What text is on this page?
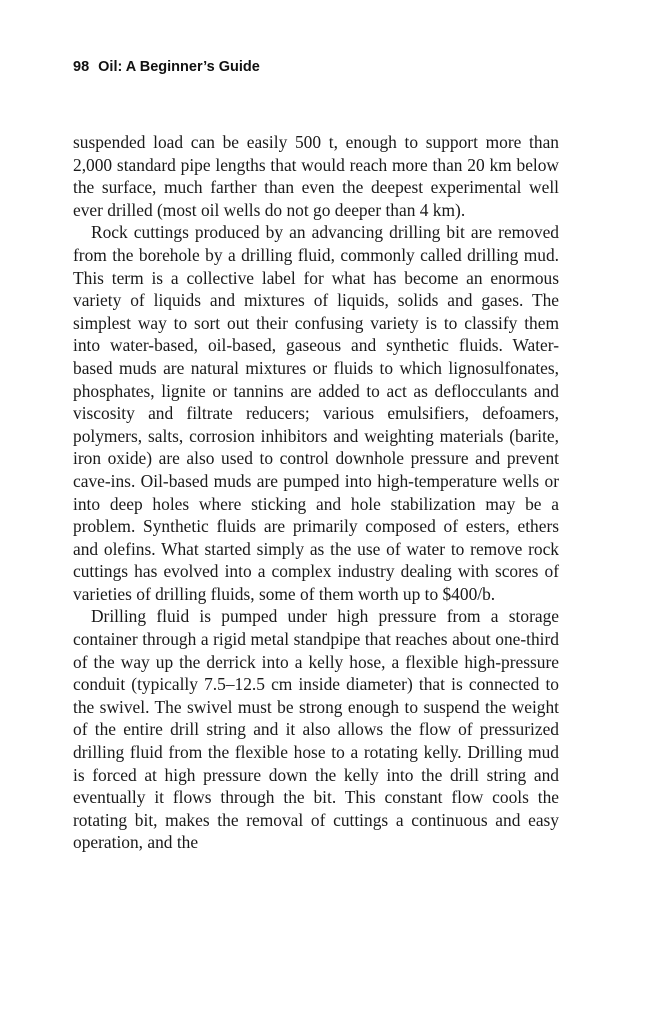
98 Oil: A Beginner’s Guide

suspended load can be easily 500 t, enough to support more than 2,000 standard pipe lengths that would reach more than 20 km below the surface, much farther than even the deepest experimental well ever drilled (most oil wells do not go deeper than 4 km).

Rock cuttings produced by an advancing drilling bit are removed from the borehole by a drilling fluid, commonly called drilling mud. This term is a collective label for what has become an enormous variety of liquids and mixtures of liquids, solids and gases. The simplest way to sort out their confusing variety is to classify them into water-based, oil-based, gaseous and synthetic fluids. Water-based muds are natural mixtures or fluids to which lignosulfonates, phosphates, lignite or tannins are added to act as deflocculants and viscosity and filtrate reducers; various emulsifiers, defoamers, polymers, salts, corrosion inhibitors and weighting materials (barite, iron oxide) are also used to control downhole pressure and prevent cave-ins. Oil-based muds are pumped into high-temperature wells or into deep holes where sticking and hole stabilization may be a problem. Synthetic fluids are primarily composed of esters, ethers and olefins. What started simply as the use of water to remove rock cuttings has evolved into a complex industry dealing with scores of varieties of drilling fluids, some of them worth up to $400/b.

Drilling fluid is pumped under high pressure from a storage container through a rigid metal standpipe that reaches about one-third of the way up the derrick into a kelly hose, a flexible high-pressure conduit (typically 7.5–12.5 cm inside diameter) that is connected to the swivel. The swivel must be strong enough to suspend the weight of the entire drill string and it also allows the flow of pressurized drilling fluid from the flexible hose to a rotating kelly. Drilling mud is forced at high pressure down the kelly into the drill string and eventually it flows through the bit. This constant flow cools the rotating bit, makes the removal of cuttings a continuous and easy operation, and the
